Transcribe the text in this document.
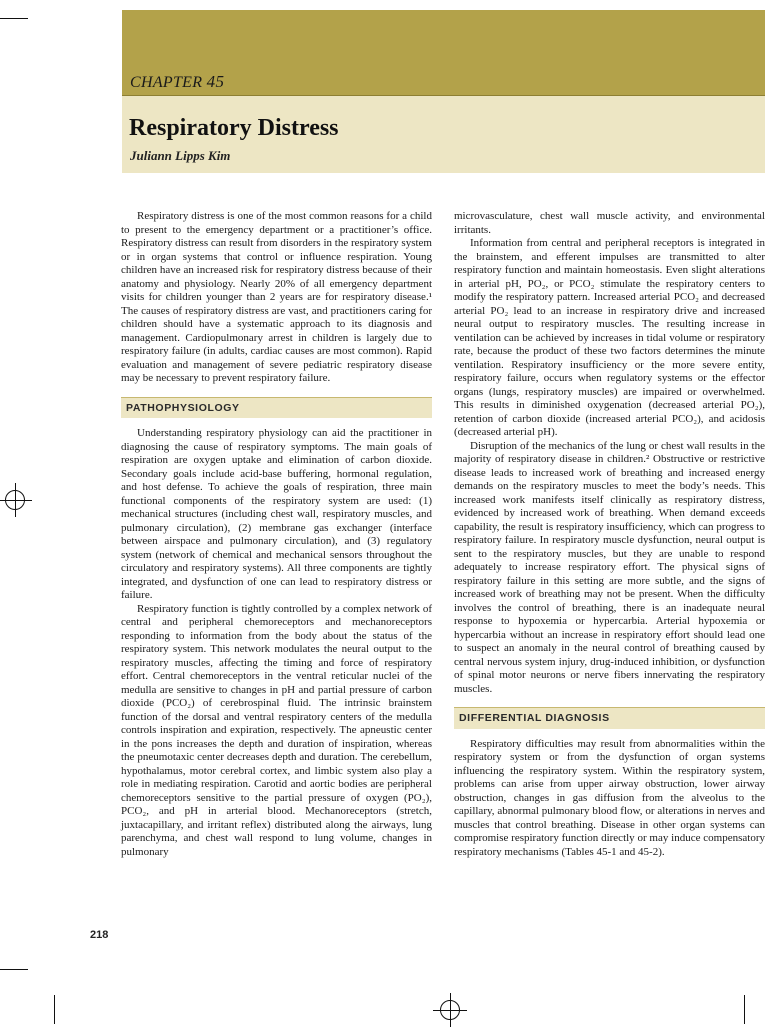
CHAPTER 45
Respiratory Distress
Juliann Lipps Kim

Respiratory distress is one of the most common reasons for a child to present to the emergency department or a practitioner’s office. Respiratory distress can result from disorders in the respiratory system or in organ systems that control or influence respiration. Young children have an increased risk for respiratory distress because of their anatomy and physiology. Nearly 20% of all emergency department visits for children younger than 2 years are for respiratory disease.¹ The causes of respiratory distress are vast, and practitioners caring for children should have a systematic approach to its diagnosis and management. Cardiopulmonary arrest in children is largely due to respiratory failure (in adults, cardiac causes are most common). Rapid evaluation and management of severe pediatric respiratory disease may be necessary to prevent respiratory failure.

PATHOPHYSIOLOGY

Understanding respiratory physiology can aid the practitioner in diagnosing the cause of respiratory symptoms. The main goals of respiration are oxygen uptake and elimination of carbon dioxide. Secondary goals include acid-base buffering, hormonal regulation, and host defense. To achieve the goals of respiration, three main functional components of the respiratory system are used: (1) mechanical structures (including chest wall, respiratory muscles, and pulmonary circulation), (2) membrane gas exchanger (interface between airspace and pulmonary circulation), and (3) regulatory system (network of chemical and mechanical sensors throughout the circulatory and respiratory systems). All three components are tightly integrated, and dysfunction of one can lead to respiratory distress or failure.

Respiratory function is tightly controlled by a complex network of central and peripheral chemoreceptors and mechanoreceptors responding to information from the body about the status of the respiratory system. This network modulates the neural output to the respiratory muscles, affecting the timing and force of respiratory effort. Central chemoreceptors in the ventral reticular nuclei of the medulla are sensitive to changes in pH and partial pressure of carbon dioxide (PCO₂) of cerebrospinal fluid. The intrinsic brainstem function of the dorsal and ventral respiratory centers of the medulla controls inspiration and expiration, respectively. The apneustic center in the pons increases the depth and duration of inspiration, whereas the pneumotaxic center decreases depth and duration. The cerebellum, hypothalamus, motor cerebral cortex, and limbic system also play a role in mediating respiration. Carotid and aortic bodies are peripheral chemoreceptors sensitive to the partial pressure of oxygen (PO₂), PCO₂, and pH in arterial blood. Mechanoreceptors (stretch, juxtacapillary, and irritant reflex) distributed along the airways, lung parenchyma, and chest wall respond to lung volume, changes in pulmonary

microvasculature, chest wall muscle activity, and environmental irritants.

Information from central and peripheral receptors is integrated in the brainstem, and efferent impulses are transmitted to alter respiratory function and maintain homeostasis. Even slight alterations in arterial pH, PO₂, or PCO₂ stimulate the respiratory centers to modify the respiratory pattern. Increased arterial PCO₂ and decreased arterial PO₂ lead to an increase in respiratory drive and increased neural output to respiratory muscles. The resulting increase in ventilation can be achieved by increases in tidal volume or respiratory rate, because the product of these two factors determines the minute ventilation. Respiratory insufficiency or the more severe entity, respiratory failure, occurs when regulatory systems or the effector organs (lungs, respiratory muscles) are impaired or overwhelmed. This results in diminished oxygenation (decreased arterial PO₂), retention of carbon dioxide (increased arterial PCO₂), and acidosis (decreased arterial pH).

Disruption of the mechanics of the lung or chest wall results in the majority of respiratory disease in children.² Obstructive or restrictive disease leads to increased work of breathing and increased energy demands on the respiratory muscles to meet the body’s needs. This increased work manifests itself clinically as respiratory distress, evidenced by increased work of breathing. When demand exceeds capability, the result is respiratory insufficiency, which can progress to respiratory failure. In respiratory muscle dysfunction, neural output is sent to the respiratory muscles, but they are unable to respond adequately to increase respiratory effort. The physical signs of respiratory failure in this setting are more subtle, and the signs of increased work of breathing may not be present. When the difficulty involves the control of breathing, there is an inadequate neural response to hypoxemia or hypercarbia. Arterial hypoxemia or hypercarbia without an increase in respiratory effort should lead one to suspect an anomaly in the neural control of breathing caused by central nervous system injury, drug-induced inhibition, or dysfunction of spinal motor neurons or nerve fibers innervating the respiratory muscles.

DIFFERENTIAL DIAGNOSIS

Respiratory difficulties may result from abnormalities within the respiratory system or from the dysfunction of organ systems influencing the respiratory system. Within the respiratory system, problems can arise from upper airway obstruction, lower airway obstruction, changes in gas diffusion from the alveolus to the capillary, abnormal pulmonary blood flow, or alterations in nerves and muscles that control breathing. Disease in other organ systems can compromise respiratory function directly or may induce compensatory respiratory mechanisms (Tables 45-1 and 45-2).

218
